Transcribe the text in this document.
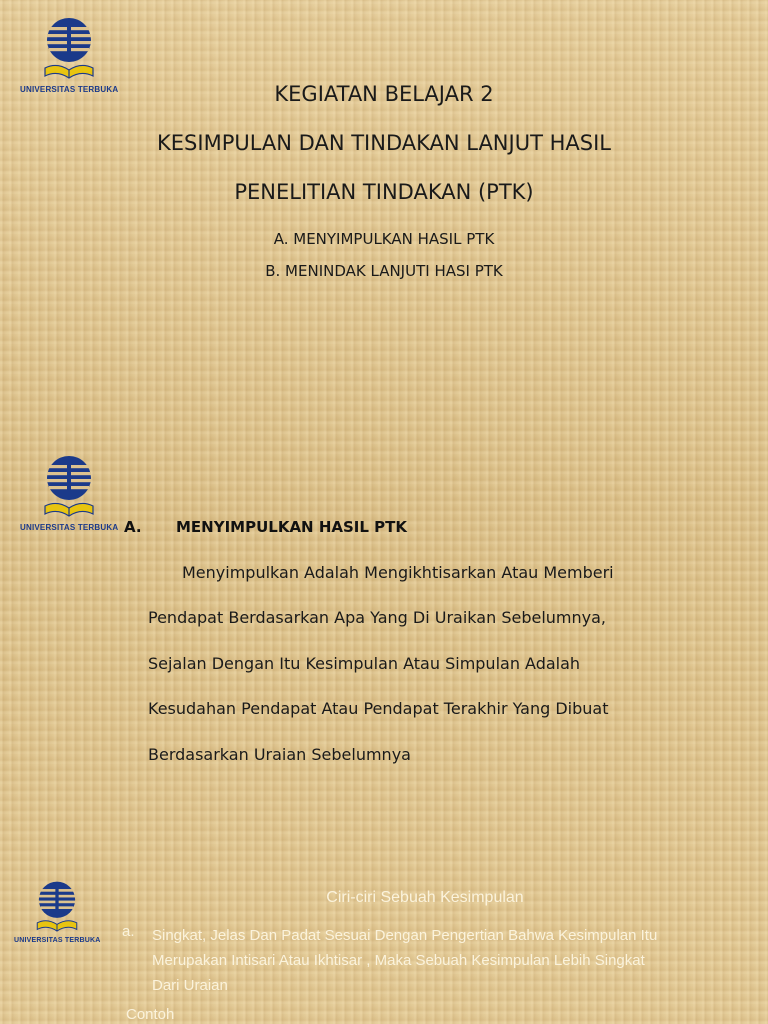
UNIVERSITAS TERBUKA	KEGIATAN BELAJAR 2
KESIMPULAN DAN TINDAKAN LANJUT HASIL
PENELITIAN TINDAKAN (PTK)
A. MENYIMPULKAN HASIL PTK
B. MENINDAK LANJUTI HASI PTK
UNIVERSITAS TERBUKA A. MENYIMPULKAN HASIL PTK
Menyimpulkan Adalah Mengikhtisarkan Atau Memberi
Pendapat Berdasarkan Apa Yang Di Uraikan Sebelumnya,
Sejalan Dengan Itu Kesimpulan Atau Simpulan Adalah
Kesudahan Pendapat Atau Pendapat Terakhir Yang Dibuat
Berdasarkan Uraian Sebelumnya
UNIVERSITAS TERBUKA
Ciri-ciri Sebuah Kesimpulan
a. Singkat, Jelas Dan Padat Sesuai Dengan Pengertian Bahwa Kesimpulan Itu
Merupakan Intisari Atau Ikhtisar , Maka Sebuah Kesimpulan Lebih Singkat
Dari Uraian
Contoh
